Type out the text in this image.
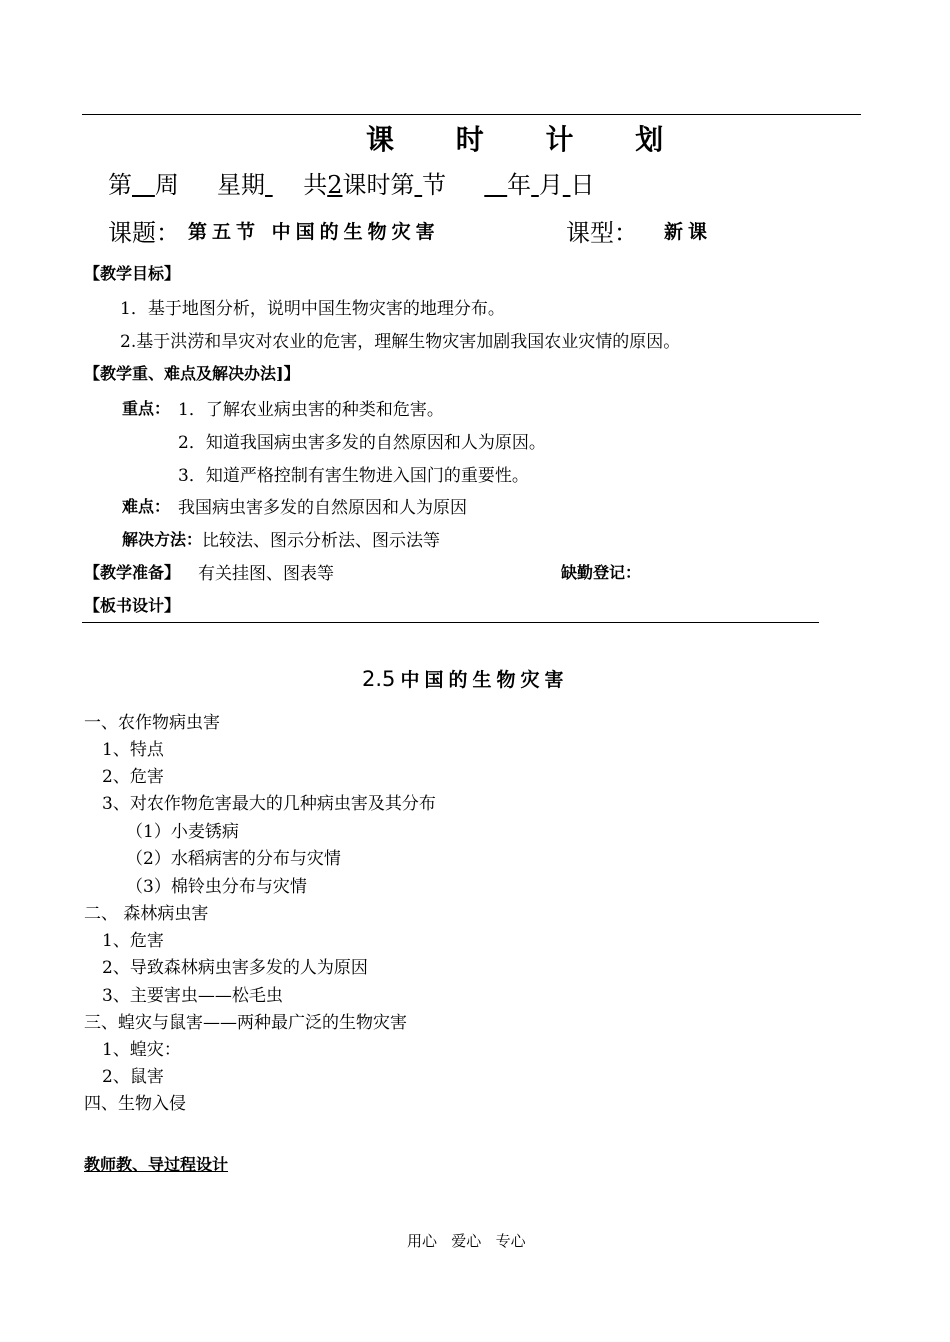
课 时 计 划
第 周 星期 共2课时第 节	年 月 日
课题： 第五节 中国的生物灾害	课型： 新课
【教学目标】
1．基于地图分析，说明中国生物灾害的地理分布。
2.基于洪涝和旱灾对农业的危害，理解生物灾害加剧我国农业灾情的原因。
【教学重、难点及解决办法]】
重点： 1．了解农业病虫害的种类和危害。
2．知道我国病虫害多发的自然原因和人为原因。
3．知道严格控制有害生物进入国门的重要性。
难点： 我国病虫害多发的自然原因和人为原因
解决方法： 比较法、图示分析法、图示法等
【教学准备】 有关挂图、图表等	缺勤登记：
【板书设计】
2.5 中国的生物灾害
一、农作物病虫害
1、特点
2、危害
3、对农作物危害最大的几种病虫害及其分布
（1）小麦锈病
（2）水稻病害的分布与灾情
（3）棉铃虫分布与灾情
二、 森林病虫害
1、危害
2、导致森林病虫害多发的人为原因
3、主要害虫——松毛虫
三、蝗灾与鼠害——两种最广泛的生物灾害
1、蝗灾：
2、鼠害
四、生物入侵
教师教、导过程设计
用心   爱心   专心
